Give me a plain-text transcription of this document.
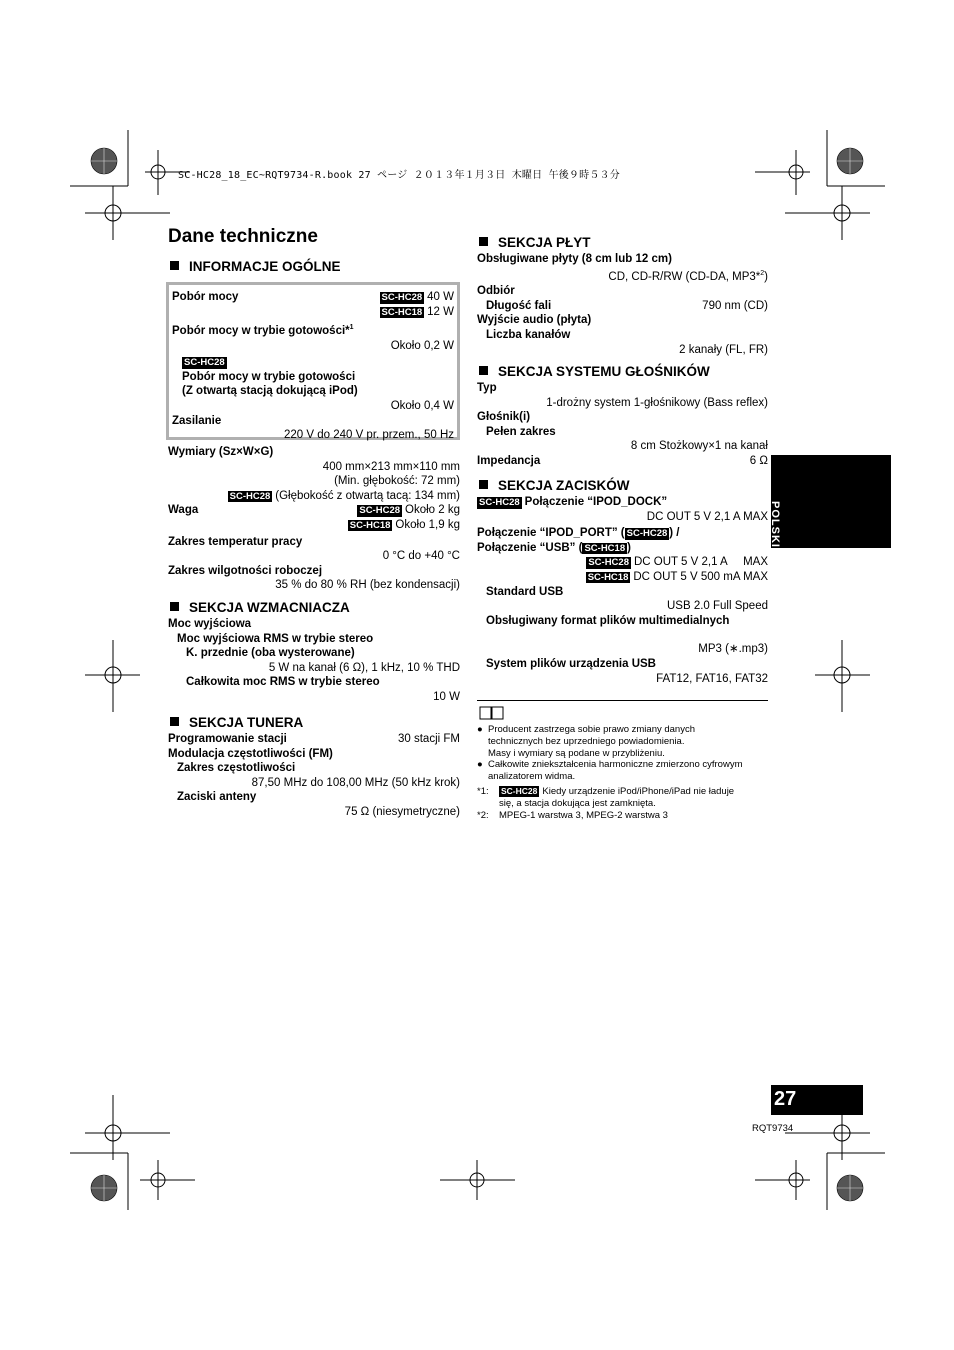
SC-HC28_18_EC~RQT9734-R.book 27 ページ ２０１３年１月３日 木曜日 午後９時５３分
Dane techniczne
INFORMACJE OGÓLNE
Pobór mocy	SC-HC28 40 W
SC-HC18 12 W
Pobór mocy w trybie gotowości*$^1$
Około 0,2 W
SC-HC28
Pobór mocy w trybie gotowości
(Z otwartą stacją dokującą iPod)
Około 0,4 W
Zasilanie
220 V do 240 V pr. przem., 50 Hz
Wymiary (Sz×W×G)
400 mm×213 mm×110 mm
(Min. głębokość: 72 mm)
SC-HC28 (Głębokość z otwartą tacą: 134 mm)
Waga	SC-HC28 Około 2 kg
SC-HC18 Około 1,9 kg
Zakres temperatur pracy
0 °C do +40 °C
Zakres wilgotności roboczej
35 % do 80 % RH (bez kondensacji)
SEKCJA WZMACNIACZA
Moc wyjściowa
Moc wyjściowa RMS w trybie stereo
K. przednie (oba wysterowane)
5 W na kanał (6 Ω), 1 kHz, 10 % THD
Całkowita moc RMS w trybie stereo
10 W
SEKCJA TUNERA
Programowanie stacji	30 stacji FM
Modulacja częstotliwości (FM)
Zakres częstotliwości
87,50 MHz do 108,00 MHz (50 kHz krok)
Zaciski anteny
75 Ω (niesymetryczne)
SEKCJA PŁYT
Obsługiwane płyty (8 cm lub 12 cm)
CD, CD-R/RW (CD-DA, MP3*$^2$)
Odbiór
Długość fali	790 nm (CD)
Wyjście audio (płyta)
Liczba kanałów
2 kanały (FL, FR)
SEKCJA SYSTEMU GŁOŚNIKÓW
Typ
1-drożny system 1-głośnikowy (Bass reflex)
Głośnik(i)
Pełen zakres
8 cm Stożkowy×1 na kanał
Impedancja	6 Ω
SEKCJA ZACISKÓW
SC-HC28 Połączenie “IPOD_DOCK”
DC OUT 5 V 2,1 A MAX
Połączenie “IPOD_PORT” ( SC-HC28 ) /
Połączenie “USB” ( SC-HC18 )
SC-HC28 DC OUT 5 V 2,1 A     MAX
SC-HC18 DC OUT 5 V 500 mA MAX
Standard USB
USB 2.0 Full Speed
Obsługiwany format plików multimedialnych
MP3 (∗.mp3)
System plików urządzenia USB
FAT12, FAT16, FAT32
● Producent zastrzega sobie prawo zmiany danych
technicznych bez uprzedniego powiadomienia.
Masy i wymiary są podane w przybliżeniu.
● Całkowite zniekształcenia harmoniczne zmierzono cyfrowym
analizatorem widma.
*1:	SC-HC28 Kiedy urządzenie iPod/iPhone/iPad nie ładuje
się, a stacja dokująca jest zamknięta.
*2:	MPEG-1 warstwa 3, MPEG-2 warstwa 3
POLSKI
27
RQT9734
